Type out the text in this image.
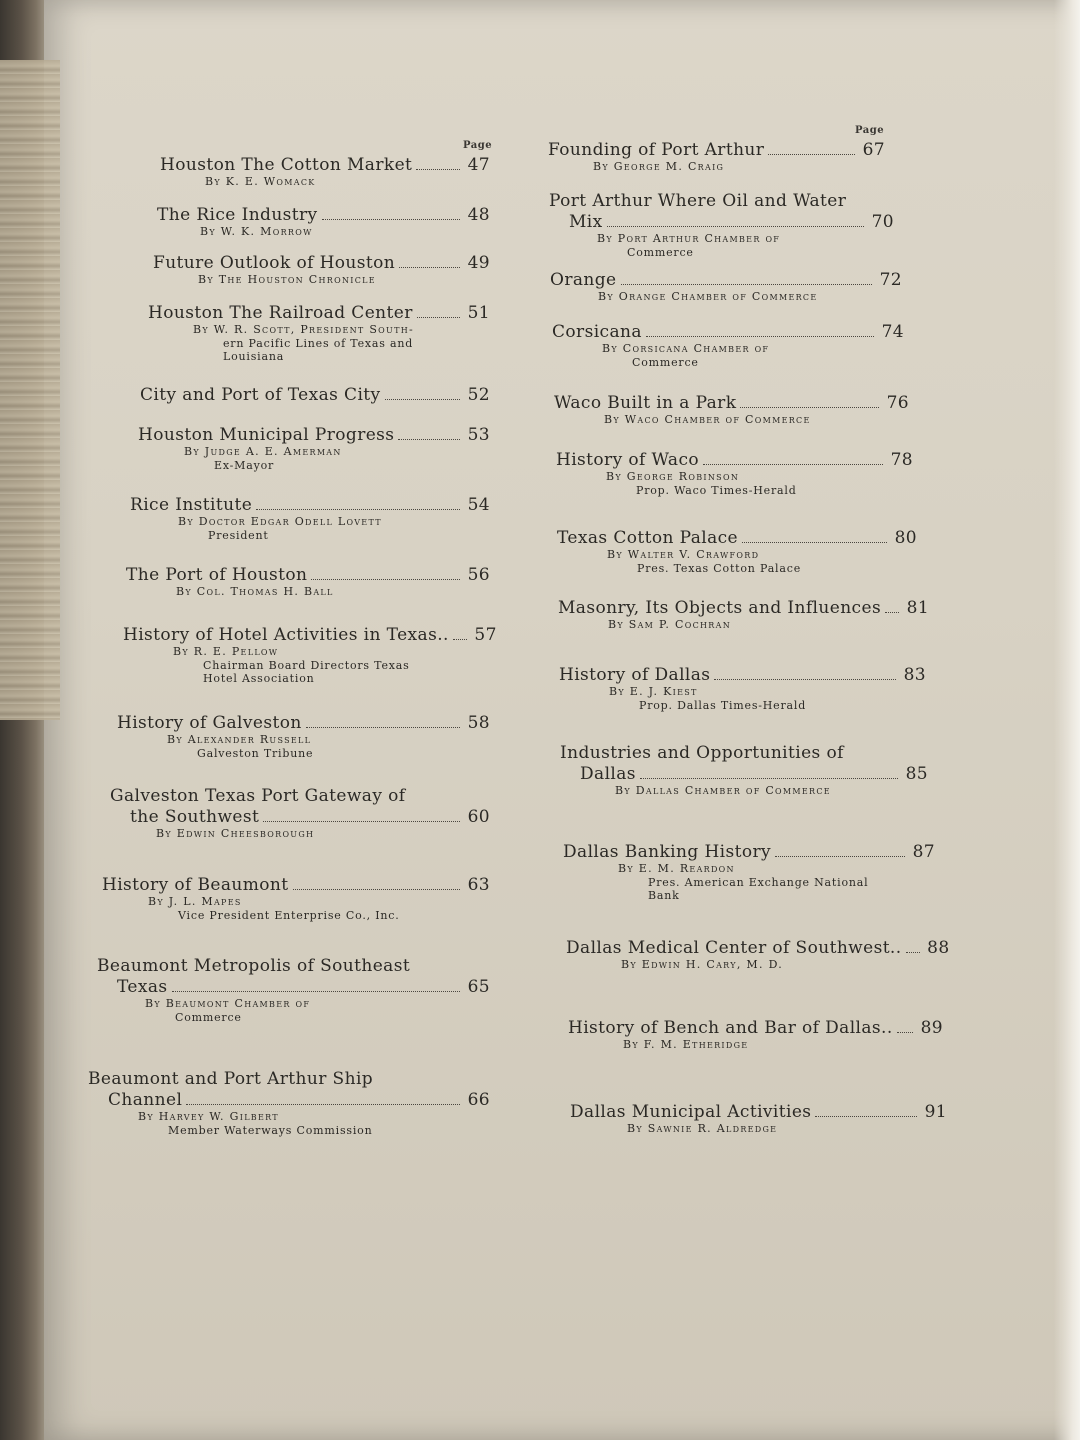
Page
Page
Houston The Cotton Market	47
By K. E. Womack
The Rice Industry	48
By W. K. Morrow
Future Outlook of Houston	49
By The Houston Chronicle
Houston The Railroad Center	51
By W. R. Scott, President South-
ern Pacific Lines of Texas and
Louisiana
City and Port of Texas City	52
Houston Municipal Progress	53
By Judge A. E. Amerman
Ex-Mayor
Rice Institute	54
By Doctor Edgar Odell Lovett
President
The Port of Houston	56
By Col. Thomas H. Ball
History of Hotel Activities in Texas.. 57
By R. E. Pellow
Chairman Board Directors Texas
Hotel Association
History of Galveston	58
By Alexander Russell
Galveston Tribune
Galveston Texas Port Gateway of
the Southwest	60
By Edwin Cheesborough
History of Beaumont	63
By J. L. Mapes
Vice President Enterprise Co., Inc.
Beaumont Metropolis of Southeast
Texas	65
By Beaumont Chamber of
Commerce
Beaumont and Port Arthur Ship
Channel	66
By Harvey W. Gilbert
Member Waterways Commission
Founding of Port Arthur	67
By George M. Craig
Port Arthur Where Oil and Water
Mix	70
By Port Arthur Chamber of
Commerce
Orange	72
By Orange Chamber of Commerce
Corsicana	74
By Corsicana Chamber of
Commerce
Waco Built in a Park	76
By Waco Chamber of Commerce
History of Waco	78
By George Robinson
Prop. Waco Times-Herald
Texas Cotton Palace	80
By Walter V. Crawford
Pres. Texas Cotton Palace
Masonry, Its Objects and Influences 81
By Sam P. Cochran
History of Dallas	83
By E. J. Kiest
Prop. Dallas Times-Herald
Industries and Opportunities of
Dallas	85
By Dallas Chamber of Commerce
Dallas Banking History	87
By E. M. Reardon
Pres. American Exchange National
Bank
Dallas Medical Center of Southwest.. 88
By Edwin H. Cary, M. D.
History of Bench and Bar of Dallas.. 89
By F. M. Etheridge
Dallas Municipal Activities	91
By Sawnie R. Aldredge
